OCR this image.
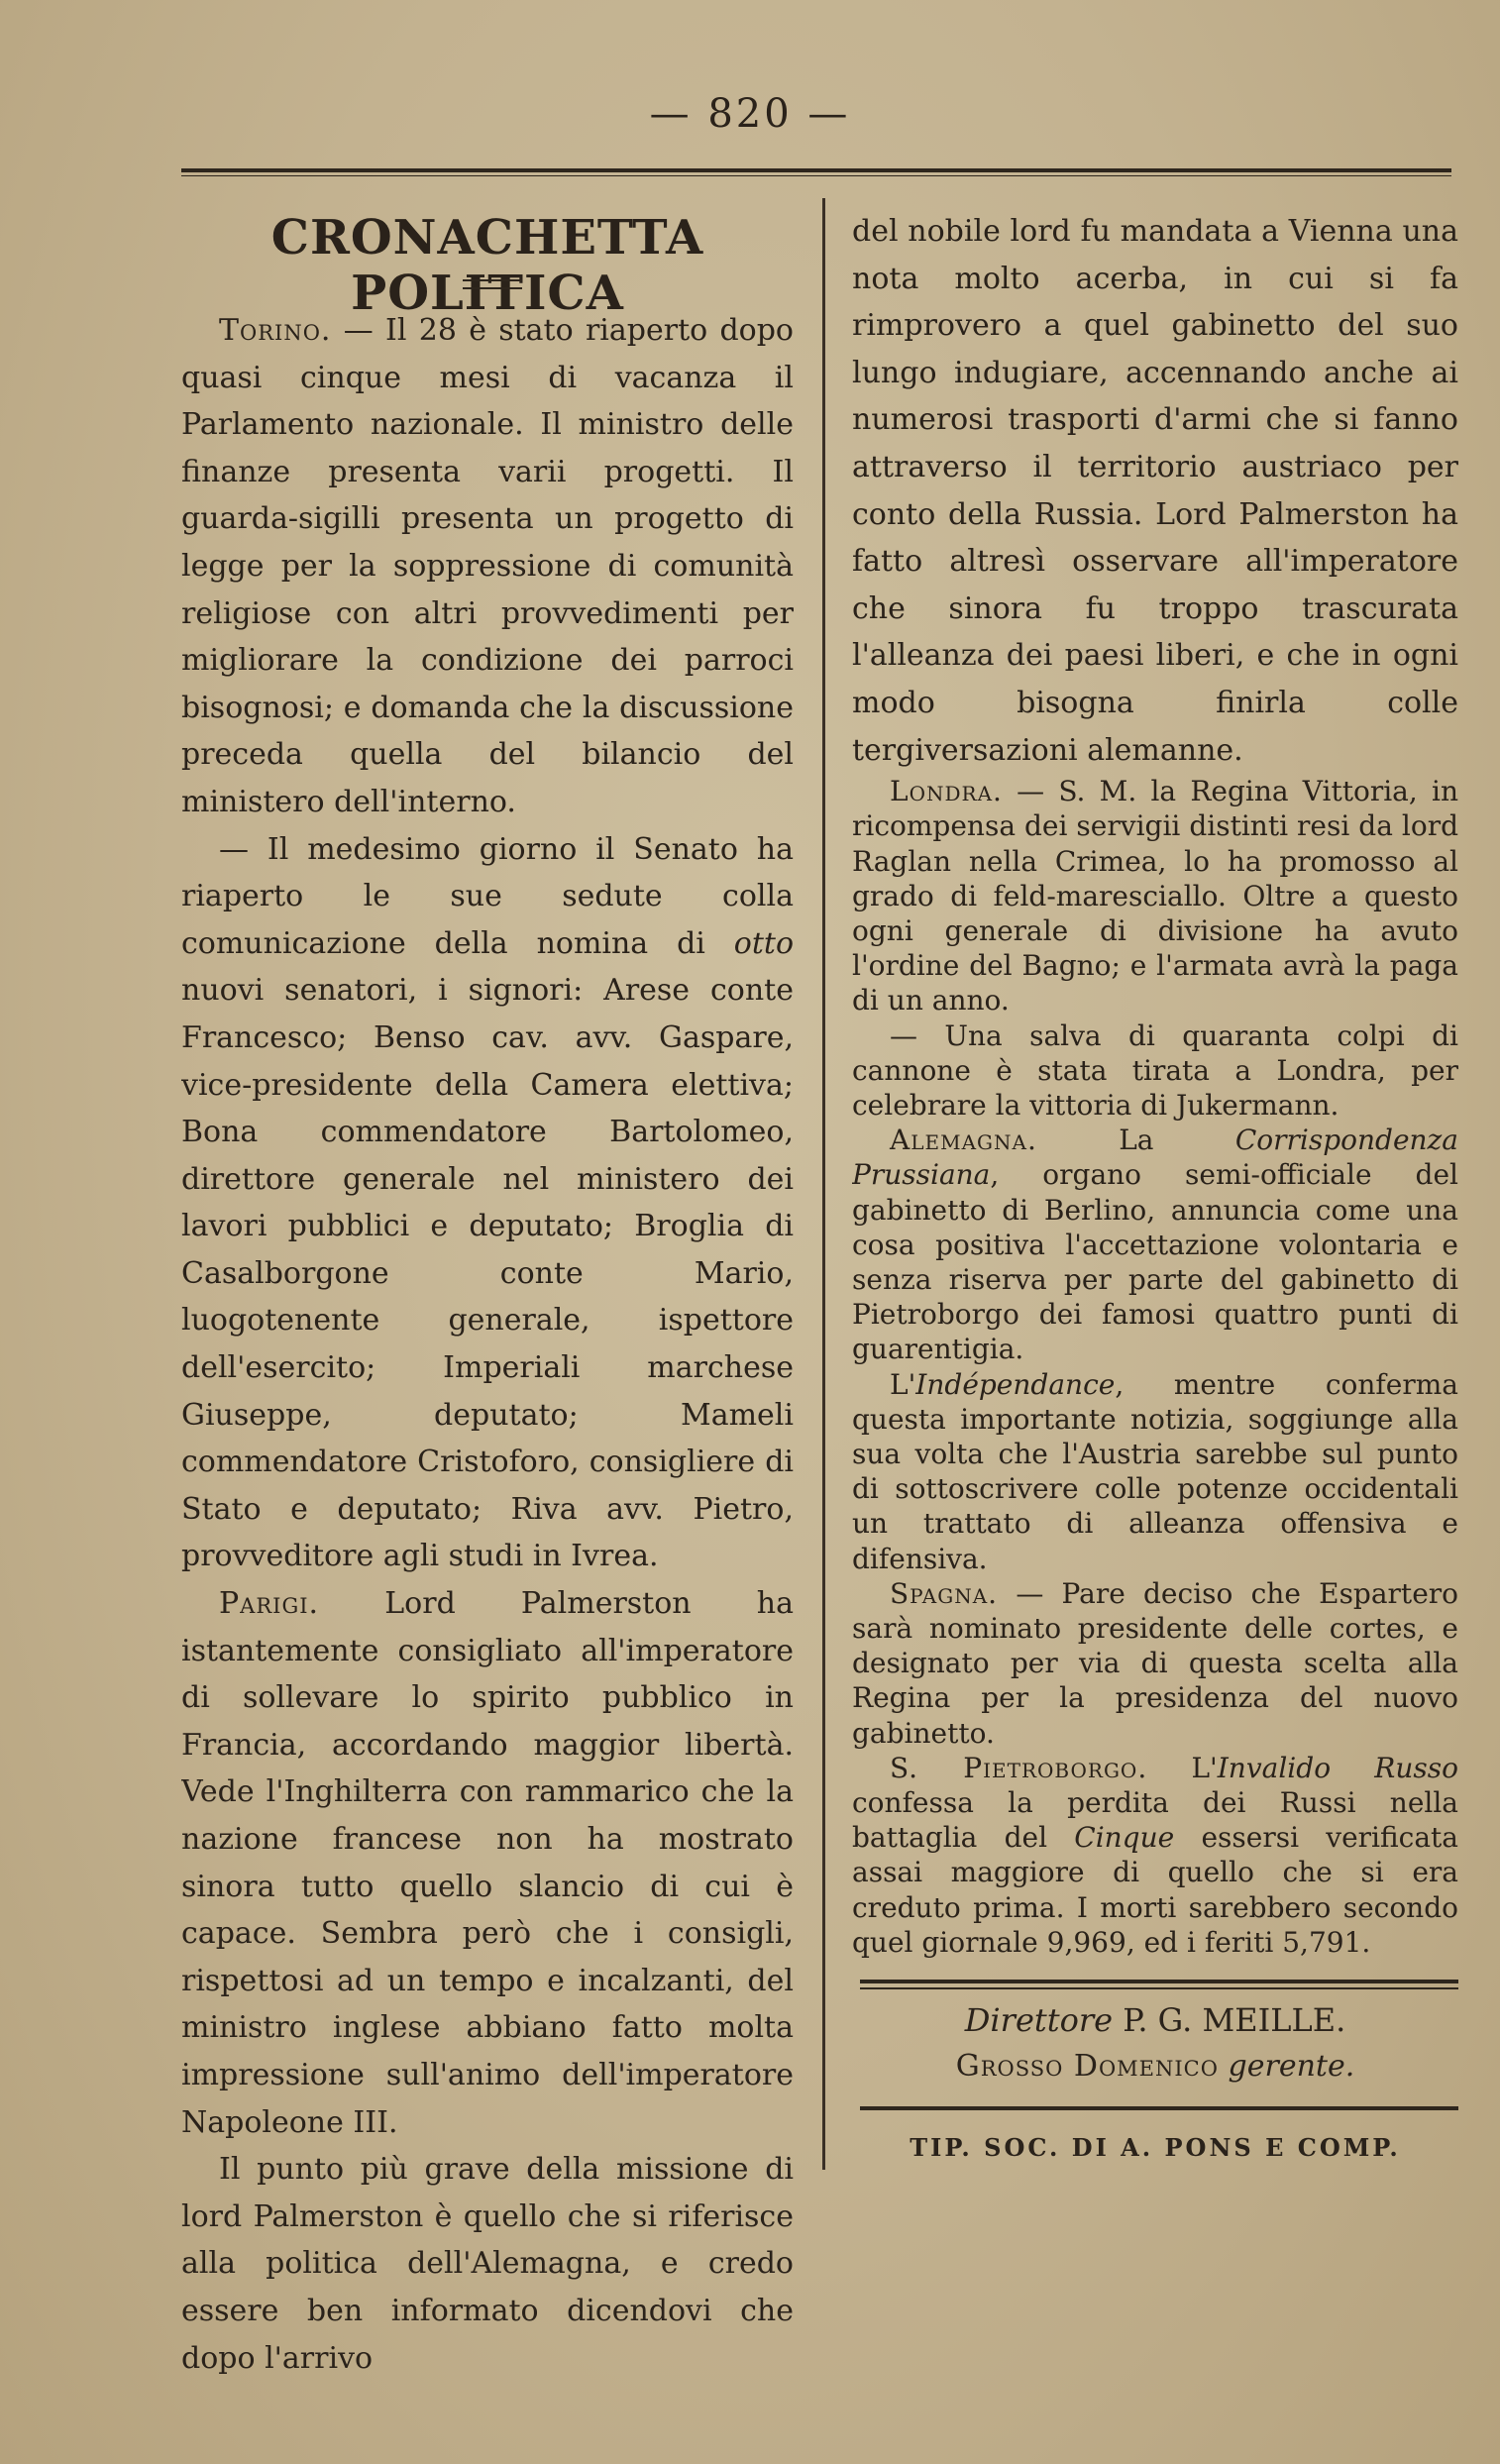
— 820 —
CRONACHETTA POLITICA

Torino. — Il 28 è stato riaperto dopo quasi cinque mesi di vacanza il Parlamento nazionale. Il ministro delle finanze presenta varii progetti. Il guarda-sigilli presenta un progetto di legge per la soppressione di comunità religiose con altri provvedimenti per migliorare la condizione dei parroci bisognosi; e domanda che la discussione preceda quella del bilancio del ministero dell'interno.

— Il medesimo giorno il Senato ha riaperto le sue sedute colla comunicazione della nomina di otto nuovi senatori, i signori: Arese conte Francesco; Benso cav. avv. Gaspare, vice-presidente della Camera elettiva; Bona commendatore Bartolomeo, direttore generale nel ministero dei lavori pubblici e deputato; Broglia di Casalborgone conte Mario, luogotenente generale, ispettore dell'esercito; Imperiali marchese Giuseppe, deputato; Mameli commendatore Cristoforo, consigliere di Stato e deputato; Riva avv. Pietro, provveditore agli studi in Ivrea.

Parigi. Lord Palmerston ha istantemente consigliato all'imperatore di sollevare lo spirito pubblico in Francia, accordando maggior libertà. Vede l'Inghilterra con rammarico che la nazione francese non ha mostrato sinora tutto quello slancio di cui è capace. Sembra però che i consigli, rispettosi ad un tempo e incalzanti, del ministro inglese abbiano fatto molta impressione sull'animo dell'imperatore Napoleone III.

Il punto più grave della missione di lord Palmerston è quello che si riferisce alla politica dell'Alemagna, e credo essere ben informato dicendovi che dopo l'arrivo

del nobile lord fu mandata a Vienna una nota molto acerba, in cui si fa rimprovero a quel gabinetto del suo lungo indugiare, accennando anche ai numerosi trasporti d'armi che si fanno attraverso il territorio austriaco per conto della Russia. Lord Palmerston ha fatto altresì osservare all'imperatore che sinora fu troppo trascurata l'alleanza dei paesi liberi, e che in ogni modo bisogna finirla colle tergiversazioni alemanne.

Londra. — S. M. la Regina Vittoria, in ricompensa dei servigii distinti resi da lord Raglan nella Crimea, lo ha promosso al grado di feld-maresciallo. Oltre a questo ogni generale di divisione ha avuto l'ordine del Bagno; e l'armata avrà la paga di un anno.

— Una salva di quaranta colpi di cannone è stata tirata a Londra, per celebrare la vittoria di Jukermann.

Alemagna. La Corrispondenza Prussiana, organo semi-officiale del gabinetto di Berlino, annuncia come una cosa positiva l'accettazione volontaria e senza riserva per parte del gabinetto di Pietroborgo dei famosi quattro punti di guarentigia.

L'Indépendance, mentre conferma questa importante notizia, soggiunge alla sua volta che l'Austria sarebbe sul punto di sottoscrivere colle potenze occidentali un trattato di alleanza offensiva e difensiva.

Spagna. — Pare deciso che Espartero sarà nominato presidente delle cortes, e designato per via di questa scelta alla Regina per la presidenza del nuovo gabinetto.

S. Pietroborgo. L'Invalido Russo confessa la perdita dei Russi nella battaglia del Cinque essersi verificata assai maggiore di quello che si era creduto prima. I morti sarebbero secondo quel giornale 9,969, ed i feriti 5,791.

Direttore P. G. MEILLE.
Grosso Domenico gerente.
TIP. SOC. DI A. PONS E COMP.
